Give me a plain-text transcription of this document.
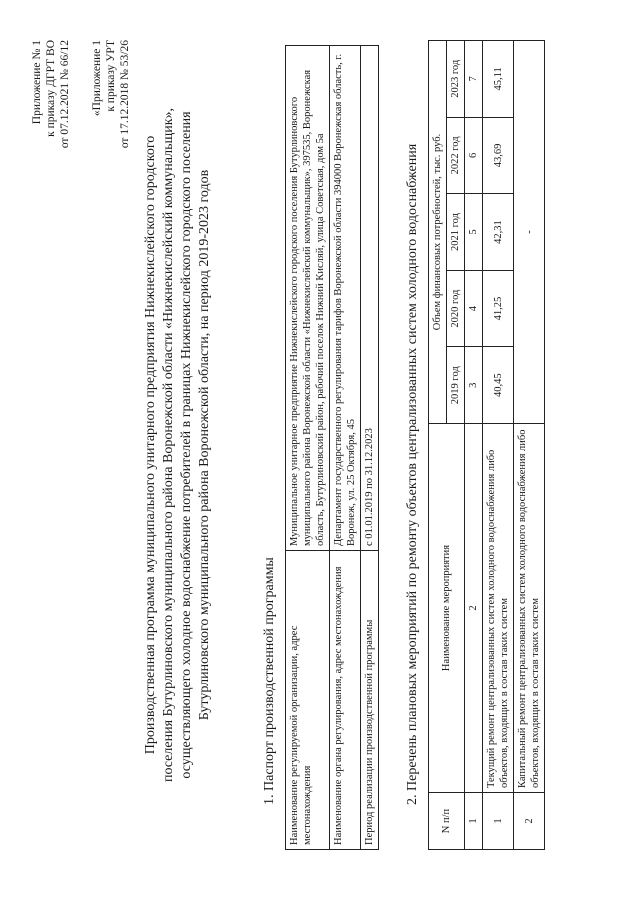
Приложение № 1 к приказу ДГРТ ВО от 07.12.2021 № 66/12 «Приложение 1 к приказу УРТ от 17.12.2018 № 53/26
Производственная программа муниципального унитарного предприятия Нижнекислейского городского поселения Бутурлиновского муниципального района Воронежской области «Нижнекислейский коммунальщик», осуществляющего холодное водоснабжение потребителей в границах Нижнекислейского городского поселения Бутурлиновского муниципального района Воронежской области, на период 2019-2023 годов	1. Паспорт производственной программы Наименование регулируемой организации, адрес местонахождения	Муниципальное унитарное предприятие Нижнекислейского городского поселения Бутурлиновского муниципального района Воронежской области «Нижнекислейский коммунальщик», 397535, Воронежская область, Бутурлиновский район, рабочий поселок Нижний Кисляй, улица Советская, дом 5а
Наименование органа регулирования, адрес местонахождения	Департамент государственного регулирования тарифов Воронежской области 394000 Воронежская область, г. Воронеж, ул. 25 Октября, 45
Период реализации производственной программы	с 01.01.2019 по 31.12.2023 2. Перечень плановых мероприятий по ремонту объектов централизованных систем холодного водоснабжения
N п/п	Наименование мероприятия	Объем финансовых потребностей, тыс. руб.				
		2019 год	2020 год	2021 год	2022 год	2023 год
1	2	3	4	5	6	7
1	Текущий ремонт централизованных систем холодного водоснабжения либо объектов, входящих в состав таких систем	40,45	41,25	42,31	43,69	45,11
2	Капитальный ремонт централизованных систем холодного водоснабжения либо объектов, входящих в состав таких систем	-				
